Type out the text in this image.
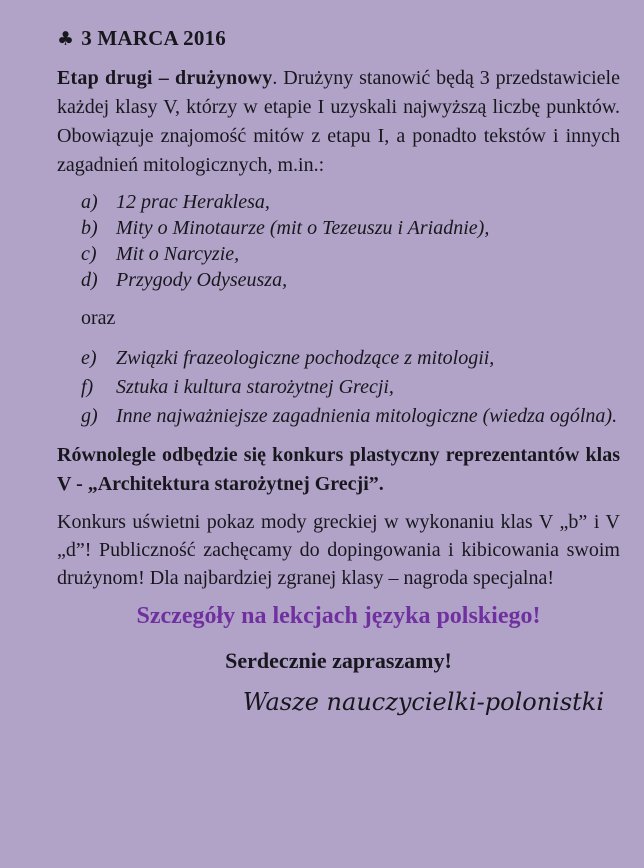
♣ 3 MARCA 2016

Etap drugi – drużynowy. Drużyny stanowić będą 3 przedstawiciele każdej klasy V, którzy w etapie I uzyskali najwyższą liczbę punktów. Obowiązuje znajomość mitów z etapu I, a ponadto tekstów i innych zagadnień mitologicznych, m.in.:

a) 12 prac Heraklesa,
b) Mity o Minotaurze (mit o Tezeuszu i Ariadnie),
c) Mit o Narcyzie,
d) Przygody Odyseusza,

oraz

e) Związki frazeologiczne pochodzące z mitologii,
f)	Sztuka i kultura starożytnej Grecji,
g) Inne najważniejsze zagadnienia mitologiczne (wiedza ogólna).

Równolegle odbędzie się konkurs plastyczny reprezentantów klas V - „Architektura starożytnej Grecji”.

Konkurs uświetni pokaz mody greckiej w wykonaniu klas V „b” i V „d”! Publiczność zachęcamy do dopingowania i kibicowania swoim drużynom! Dla najbardziej zgranej klasy – nagroda specjalna!

Szczegóły na lekcjach języka polskiego!

Serdecznie zapraszamy!

Wasze nauczycielki-polonistki
